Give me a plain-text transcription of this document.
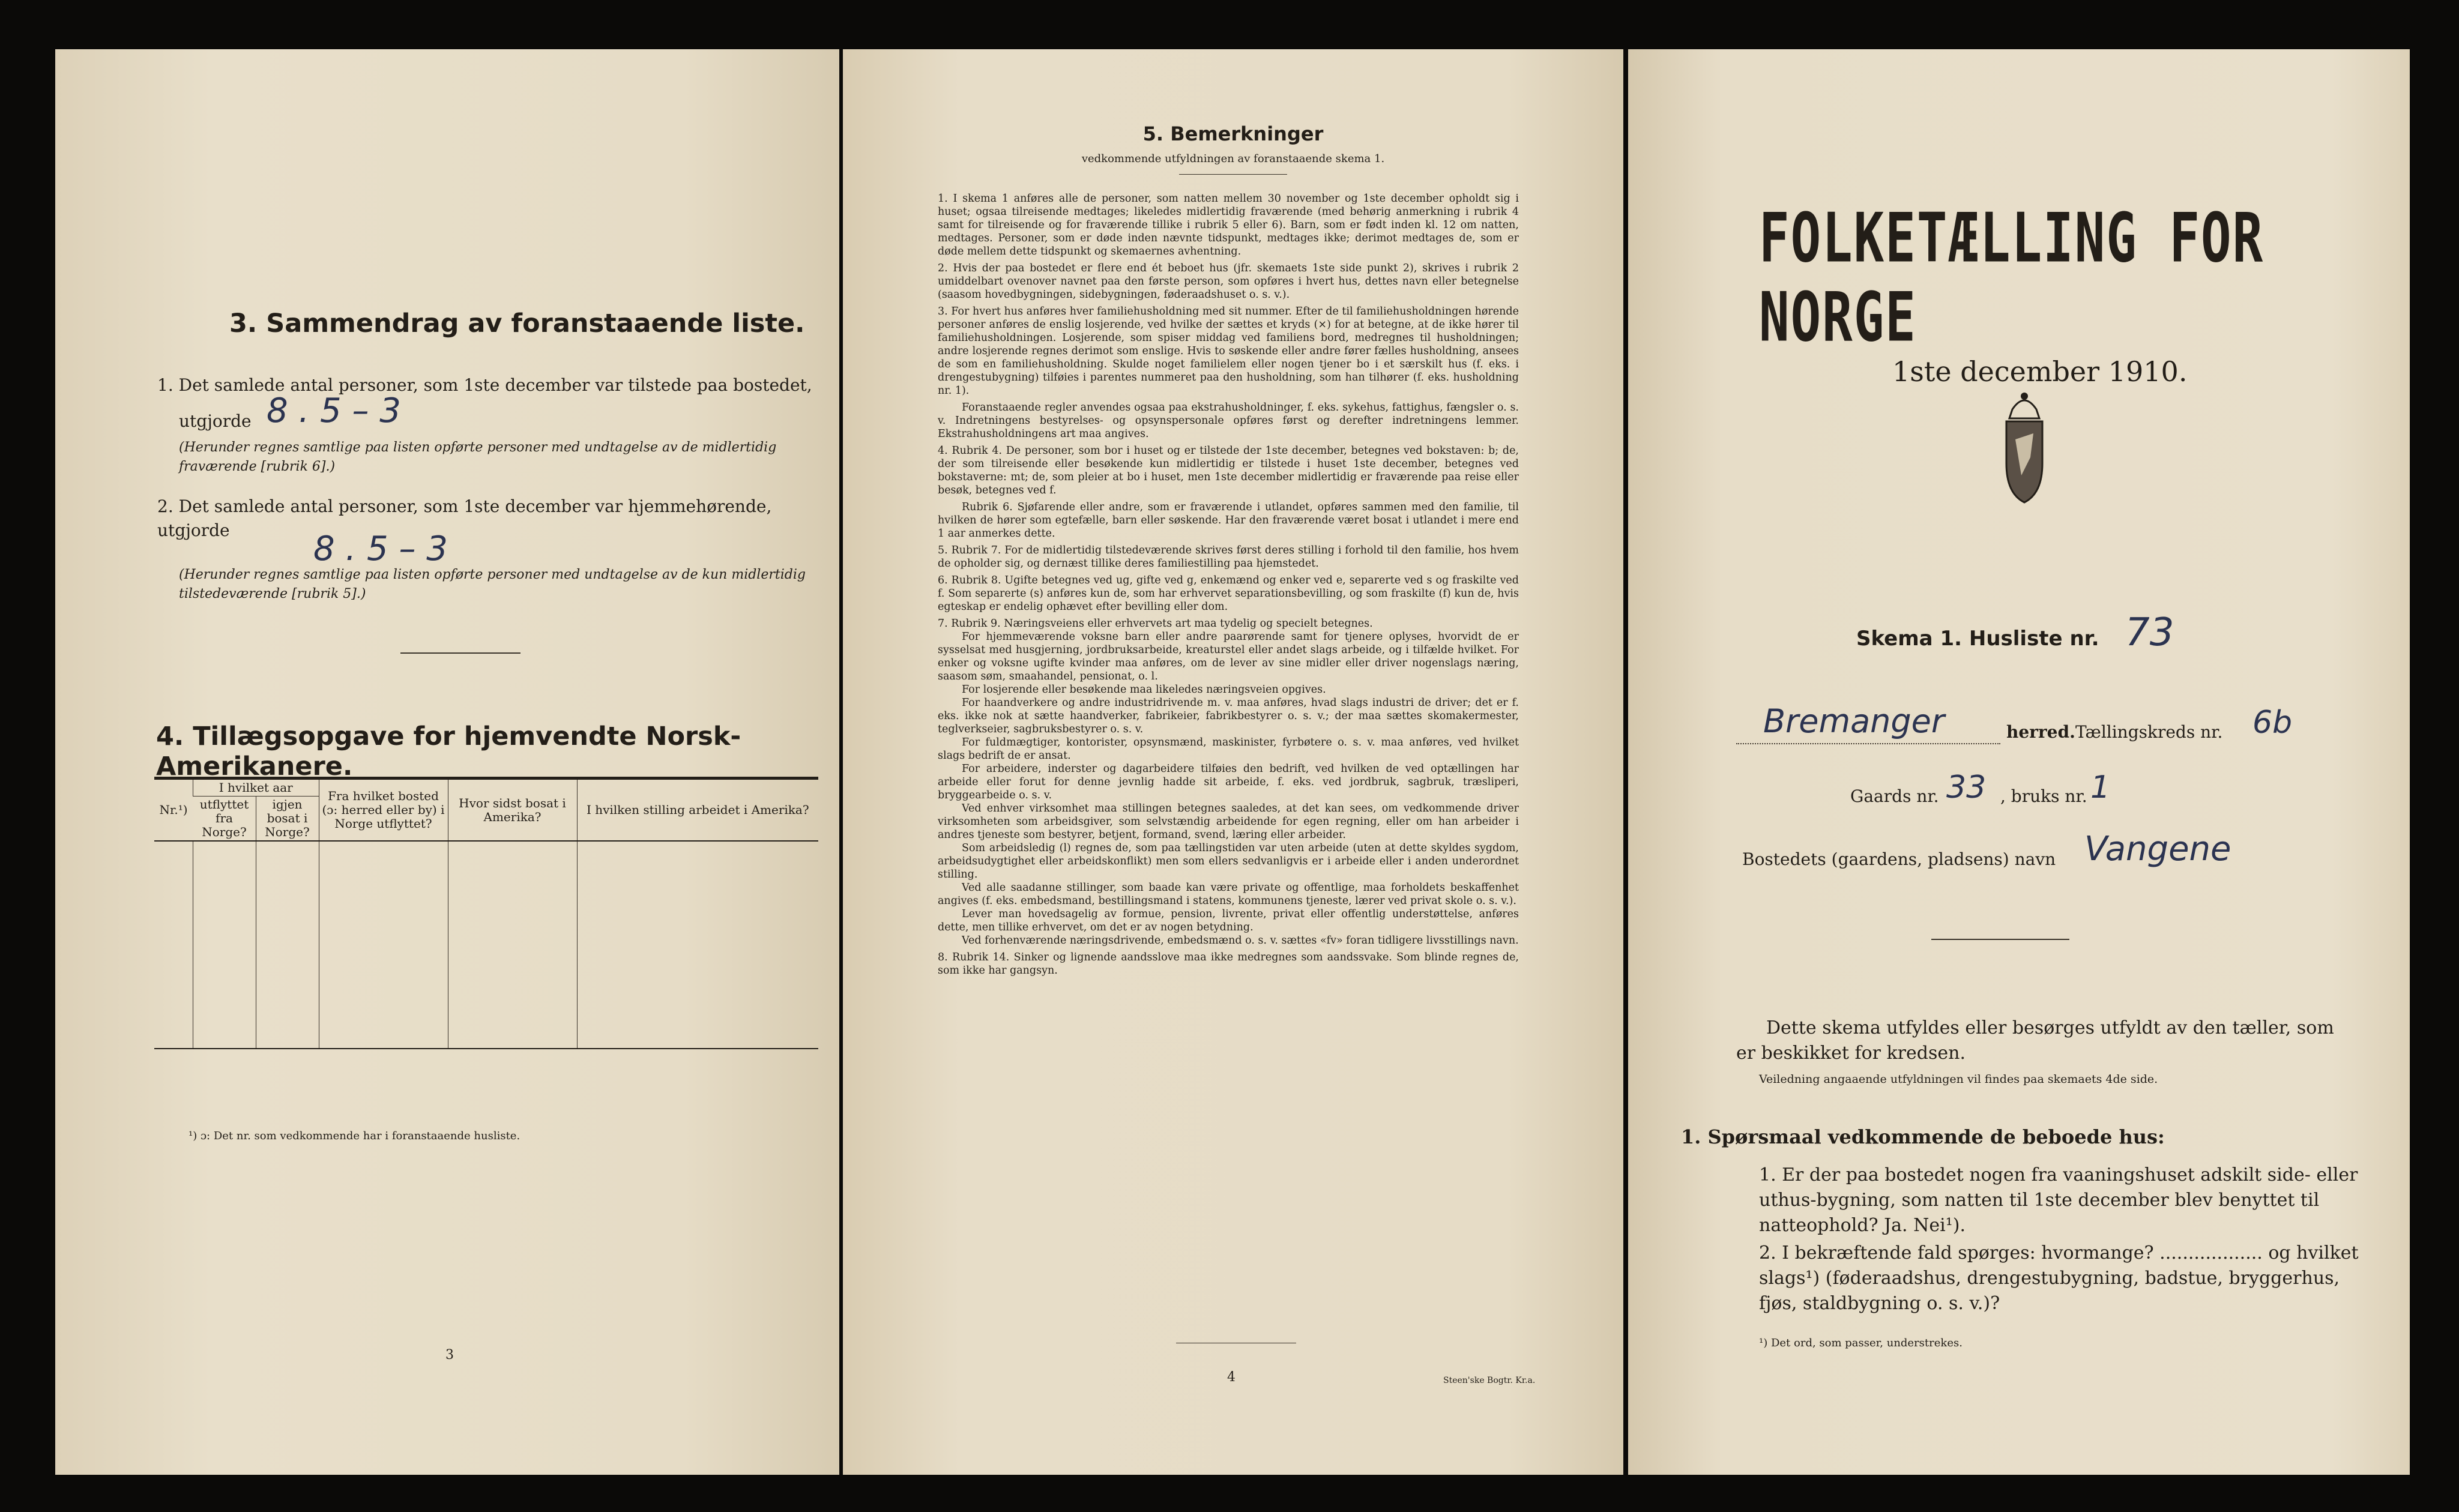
3. Sammendrag av foranstaaende liste.
1. Det samlede antal personer, som 1ste december var tilstede paa bostedet,
utgjorde 8 . 5 – 3
(Herunder regnes samtlige paa listen opførte personer med undtagelse av de midlertidig fraværende [rubrik 6].)
2. Det samlede antal personer, som 1ste december var hjemmehørende, utgjorde	8 . 5 – 3
(Herunder regnes samtlige paa listen opførte personer med undtagelse av de kun midlertidig tilstedeværende [rubrik 5].)
4. Tillægsopgave for hjemvendte Norsk-Amerikanere.
Nr.¹)	I hvilket aar		Fra hvilket bosted (ɔ: herred eller by) i Norge utflyttet?	Hvor sidst bosat i Amerika?	I hvilken stilling arbeidet i Amerika?
	utflyttet fra Norge?	igjen bosat i Norge?			

¹) ɔ: Det nr. som vedkommende har i foranstaaende husliste.
3
5. Bemerkninger
vedkommende utfyldningen av foranstaaende skema 1.

1. I skema 1 anføres alle de personer, som natten mellem 30 november og 1ste december opholdt sig i huset; ogsaa tilreisende medtages; likeledes midlertidig fraværende (med behørig anmerkning i rubrik 4 samt for tilreisende og for fraværende tillike i rubrik 5 eller 6). Barn, som er født inden kl. 12 om natten, medtages. Personer, som er døde inden nævnte tidspunkt, medtages ikke; derimot medtages de, som er døde mellem dette tidspunkt og skemaernes avhentning.

2. Hvis der paa bostedet er flere end ét beboet hus (jfr. skemaets 1ste side punkt 2), skrives i rubrik 2 umiddelbart ovenover navnet paa den første person, som opføres i hvert hus, dettes navn eller betegnelse (saasom hovedbygningen, sidebygningen, føderaadshuset o. s. v.).

3. For hvert hus anføres hver familiehusholdning med sit nummer. Efter de til familiehusholdningen hørende personer anføres de enslig losjerende, ved hvilke der sættes et kryds (×) for at betegne, at de ikke hører til familiehusholdningen. Losjerende, som spiser middag ved familiens bord, medregnes til husholdningen; andre losjerende regnes derimot som enslige. Hvis to søskende eller andre fører fælles husholdning, ansees de som en familiehusholdning. Skulde noget familielem eller nogen tjener bo i et særskilt hus (f. eks. i drengestubygning) tilføies i parentes nummeret paa den husholdning, som han tilhører (f. eks. husholdning nr. 1).

Foranstaaende regler anvendes ogsaa paa ekstrahusholdninger, f. eks. sykehus, fattighus, fængsler o. s. v. Indretningens bestyrelses- og opsynspersonale opføres først og derefter indretningens lemmer. Ekstrahusholdningens art maa angives.

4. Rubrik 4. De personer, som bor i huset og er tilstede der 1ste december, betegnes ved bokstaven: b; de, der som tilreisende eller besøkende kun midlertidig er tilstede i huset 1ste december, betegnes ved bokstaverne: mt; de, som pleier at bo i huset, men 1ste december midlertidig er fraværende paa reise eller besøk, betegnes ved f.

Rubrik 6. Sjøfarende eller andre, som er fraværende i utlandet, opføres sammen med den familie, til hvilken de hører som egtefælle, barn eller søskende. Har den fraværende været bosat i utlandet i mere end 1 aar anmerkes dette.

5. Rubrik 7. For de midlertidig tilstedeværende skrives først deres stilling i forhold til den familie, hos hvem de opholder sig, og dernæst tillike deres familiestilling paa hjemstedet.

6. Rubrik 8. Ugifte betegnes ved ug, gifte ved g, enkemænd og enker ved e, separerte ved s og fraskilte ved f. Som separerte (s) anføres kun de, som har erhvervet separationsbevilling, og som fraskilte (f) kun de, hvis egteskap er endelig ophævet efter bevilling eller dom.

7. Rubrik 9. Næringsveiens eller erhvervets art maa tydelig og specielt betegnes.

For hjemmeværende voksne barn eller andre paarørende samt for tjenere oplyses, hvorvidt de er sysselsat med husgjerning, jordbruksarbeide, kreaturstel eller andet slags arbeide, og i tilfælde hvilket. For enker og voksne ugifte kvinder maa anføres, om de lever av sine midler eller driver nogenslags næring, saasom søm, smaahandel, pensionat, o. l.

For losjerende eller besøkende maa likeledes næringsveien opgives.

For haandverkere og andre industridrivende m. v. maa anføres, hvad slags industri de driver; det er f. eks. ikke nok at sætte haandverker, fabrikeier, fabrikbestyrer o. s. v.; der maa sættes skomakermester, teglverkseier, sagbruksbestyrer o. s. v.

For fuldmægtiger, kontorister, opsynsmænd, maskinister, fyrbøtere o. s. v. maa anføres, ved hvilket slags bedrift de er ansat.

For arbeidere, inderster og dagarbeidere tilføies den bedrift, ved hvilken de ved optællingen har arbeide eller forut for denne jevnlig hadde sit arbeide, f. eks. ved jordbruk, sagbruk, træsliperi, bryggearbeide o. s. v.

Ved enhver virksomhet maa stillingen betegnes saaledes, at det kan sees, om vedkommende driver virksomheten som arbeidsgiver, som selvstændig arbeidende for egen regning, eller om han arbeider i andres tjeneste som bestyrer, betjent, formand, svend, læring eller arbeider.

Som arbeidsledig (l) regnes de, som paa tællingstiden var uten arbeide (uten at dette skyldes sygdom, arbeidsudygtighet eller arbeidskonflikt) men som ellers sedvanligvis er i arbeide eller i anden underordnet stilling.

Ved alle saadanne stillinger, som baade kan være private og offentlige, maa forholdets beskaffenhet angives (f. eks. embedsmand, bestillingsmand i statens, kommunens tjeneste, lærer ved privat skole o. s. v.).

Lever man hovedsagelig av formue, pension, livrente, privat eller offentlig understøttelse, anføres dette, men tillike erhvervet, om det er av nogen betydning.

Ved forhenværende næringsdrivende, embedsmænd o. s. v. sættes «fv» foran tidligere livsstillings navn.

8. Rubrik 14. Sinker og lignende aandsslove maa ikke medregnes som aandssvake. Som blinde regnes de, som ikke har gangsyn.

4	Steen'ske Bogtr. Kr.a.
FOLKETÆLLING FOR NORGE
1ste december 1910.
Skema 1. Husliste nr. 73
Bremanger	herred. Tællingskreds nr. 6b
Gaards nr. 33 , bruks nr. 1
Bostedets (gaardens, pladsens) navn Vangene
Dette skema utfyldes eller besørges utfyldt av den tæller, som er beskikket for kredsen.
Veiledning angaaende utfyldningen vil findes paa skemaets 4de side.
1. Spørsmaal vedkommende de beboede hus:
1. Er der paa bostedet nogen fra vaaningshuset adskilt side- eller uthus-bygning, som natten til 1ste december blev benyttet til natteophold? Ja. Nei¹).
2. I bekræftende fald spørges: hvormange? .................. og hvilket slags¹) (føderaadshus, drengestubygning, badstue, bryggerhus, fjøs, staldbygning o. s. v.)?
¹) Det ord, som passer, understrekes.
